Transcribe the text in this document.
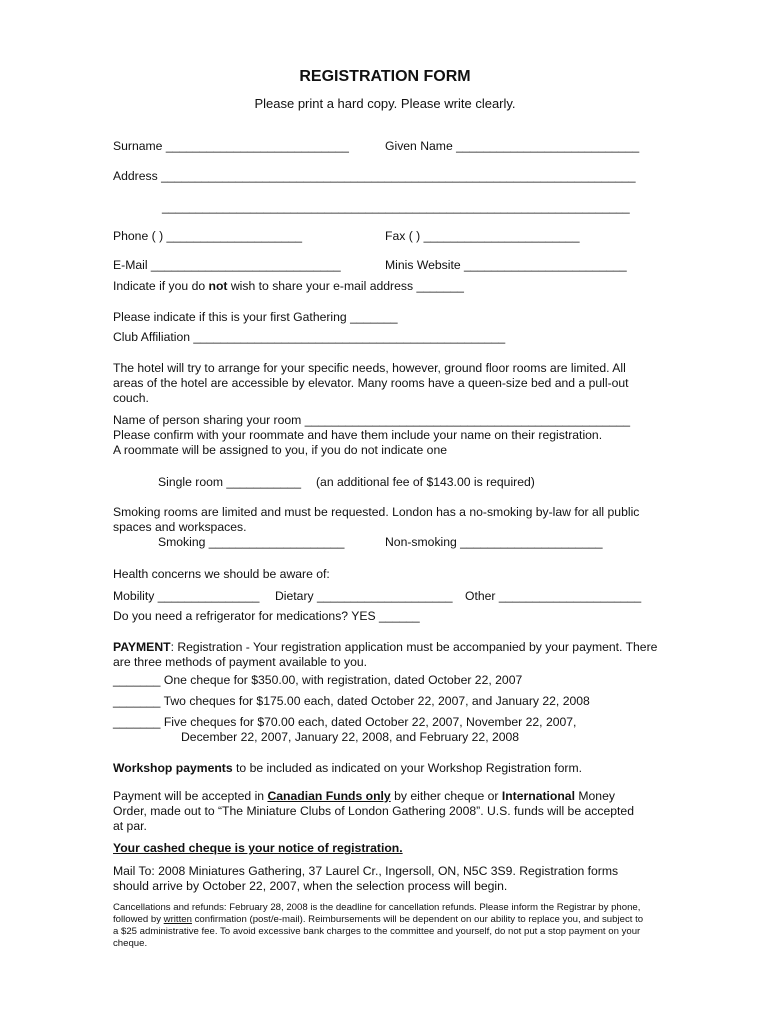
REGISTRATION FORM
Please print a hard copy. Please write clearly.
Surname ___________________________	Given Name ___________________________
Address ______________________________________________________________________
_____________________________________________________________________
Phone ( ) ____________________	Fax ( ) _______________________
E-Mail ____________________________	Minis Website ________________________
Indicate if you do not wish to share your e-mail address _______
Please indicate if this is your first Gathering _______
Club Affiliation ______________________________________________
The hotel will try to arrange for your specific needs, however, ground floor rooms are limited. All areas of the hotel are accessible by elevator. Many rooms have a queen-size bed and a pull-out couch.
Name of person sharing your room ________________________________________________
Please confirm with your roommate and have them include your name on their registration.
A roommate will be assigned to you, if you do not indicate one
Single room ___________ (an additional fee of $143.00 is required)
Smoking rooms are limited and must be requested. London has a no-smoking by-law for all public spaces and workspaces.
Smoking ____________________	Non-smoking _____________________
Health concerns we should be aware of:
Mobility _______________ Dietary ____________________ Other _____________________
Do you need a refrigerator for medications? YES ______
PAYMENT: Registration - Your registration application must be accompanied by your payment. There are three methods of payment available to you.
_______ One cheque for $350.00, with registration, dated October 22, 2007
_______ Two cheques for $175.00 each, dated October 22, 2007, and January 22, 2008
_______ Five cheques for $70.00 each, dated October 22, 2007, November 22, 2007,
December 22, 2007, January 22, 2008, and February 22, 2008
Workshop payments to be included as indicated on your Workshop Registration form.
Payment will be accepted in Canadian Funds only by either cheque or International Money Order, made out to “The Miniature Clubs of London Gathering 2008”. U.S. funds will be accepted at par.
Your cashed cheque is your notice of registration.
Mail To: 2008 Miniatures Gathering, 37 Laurel Cr., Ingersoll, ON, N5C 3S9. Registration forms should arrive by October 22, 2007, when the selection process will begin.
Cancellations and refunds: February 28, 2008 is the deadline for cancellation refunds. Please inform the Registrar by phone, followed by written confirmation (post/e-mail). Reimbursements will be dependent on our ability to replace you, and subject to a $25 administrative fee. To avoid excessive bank charges to the committee and yourself, do not put a stop payment on your cheque.
